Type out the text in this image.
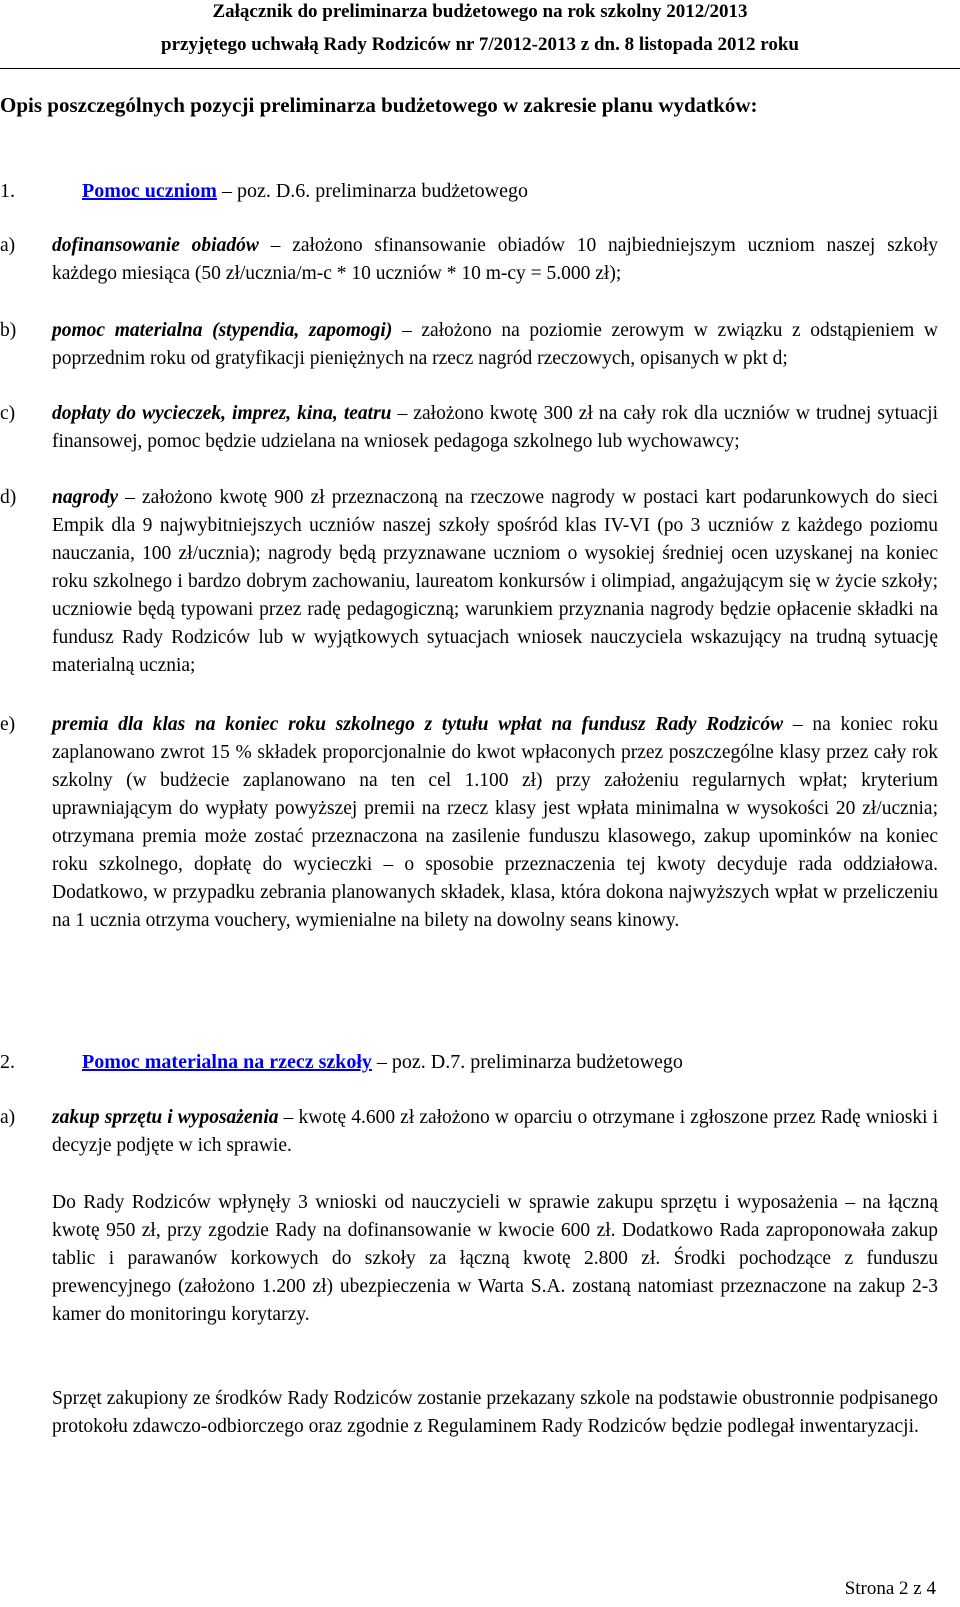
Załącznik do preliminarza budżetowego na rok szkolny 2012/2013
przyjętego uchwałą Rady Rodziców nr 7/2012-2013 z dn. 8 listopada 2012 roku
Opis poszczególnych pozycji preliminarza budżetowego w zakresie planu wydatków:
1.	Pomoc uczniom – poz. D.6. preliminarza budżetowego
a) dofinansowanie obiadów – założono sfinansowanie obiadów 10 najbiedniejszym uczniom naszej szkoły każdego miesiąca (50 zł/uczniа/m-c * 10 uczniów * 10 m-cy = 5.000 zł);
b) pomoc materialna (stypendia, zapomogi) – założono na poziomie zerowym w związku z odstąpieniem w poprzednim roku od gratyfikacji pieniężnych na rzecz nagród rzeczowych, opisanych w pkt d;
c) dopłaty do wycieczek, imprez, kina, teatru – założono kwotę 300 zł na cały rok dla uczniów w trudnej sytuacji finansowej, pomoc będzie udzielana na wniosek pedagoga szkolnego lub wychowawcy;
d) nagrody – założono kwotę 900 zł przeznaczoną na rzeczowe nagrody w postaci kart podarunkowych do sieci Empik dla 9 najwybitniejszych uczniów naszej szkoły spośród klas IV-VI (po 3 uczniów z każdego poziomu nauczania, 100 zł/ucznia); nagrody będą przyznawane uczniom o wysokiej średniej ocen uzyskanej na koniec roku szkolnego i bardzo dobrym zachowaniu, laureatom konkursów i olimpiad, angażującym się w życie szkoły; uczniowie będą typowani przez radę pedagogiczną; warunkiem przyznania nagrody będzie opłacenie składki na fundusz Rady Rodziców lub w wyjątkowych sytuacjach wniosek nauczyciela wskazujący na trudną sytuację materialną ucznia;
e) premia dla klas na koniec roku szkolnego z tytułu wpłat na fundusz Rady Rodziców – na koniec roku zaplanowano zwrot 15 % składek proporcjonalnie do kwot wpłaconych przez poszczególne klasy przez cały rok szkolny (w budżecie zaplanowano na ten cel 1.100 zł) przy założeniu regularnych wpłat; kryterium uprawniającym do wypłaty powyższej premii na rzecz klasy jest wpłata minimalna w wysokości 20 zł/ucznia; otrzymana premia może zostać przeznaczona na zasilenie funduszu klasowego, zakup upominków na koniec roku szkolnego, dopłatę do wycieczki – o sposobie przeznaczenia tej kwoty decyduje rada oddziałowa. Dodatkowo, w przypadku zebrania planowanych składek, klasa, która dokona najwyższych wpłat w przeliczeniu na 1 ucznia otrzyma vouchery, wymienialne na bilety na dowolny seans kinowy.
2.	Pomoc materialna na rzecz szkoły – poz. D.7. preliminarza budżetowego
a) zakup sprzętu i wyposażenia – kwotę 4.600 zł założono w oparciu o otrzymane i zgłoszone przez Radę wnioski i decyzje podjęte w ich sprawie.
Do Rady Rodziców wpłynęły 3 wnioski od nauczycieli w sprawie zakupu sprzętu i wyposażenia – na łączną kwotę 950 zł, przy zgodzie Rady na dofinansowanie w kwocie 600 zł. Dodatkowo Rada zaproponowała zakup tablic i parawanów korkowych do szkoły za łączną kwotę 2.800 zł. Środki pochodzące z funduszu prewencyjnego (założono 1.200 zł) ubezpieczenia w Warta S.A. zostaną natomiast przeznaczone na zakup 2-3 kamer do monitoringu korytarzy.
Sprzęt zakupiony ze środków Rady Rodziców zostanie przekazany szkole na podstawie obustronnie podpisanego protokołu zdawczo-odbiorczego oraz zgodnie z Regulaminem Rady Rodziców będzie podlegał inwentaryzacji.
Strona 2 z 4
